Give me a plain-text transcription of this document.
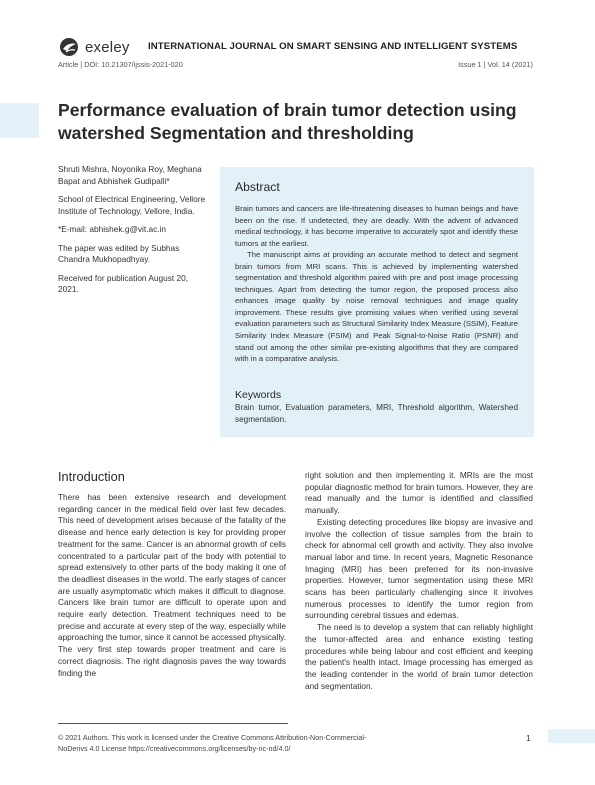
exeley INTERNATIONAL JOURNAL ON SMART SENSING AND INTELLIGENT SYSTEMS
Article | DOI: 10.21307/ijssis-2021-020	Issue 1 | Vol. 14 (2021)
Performance evaluation of brain tumor detection using watershed Segmentation and thresholding

Shruti Mishra, Noyonika Roy, Meghana Bapat and Abhishek Gudipalli*

School of Electrical Engineering, Vellore Institute of Technology, Vellore, India.

*E-mail: abhishek.g@vit.ac.in

The paper was edited by Subhas Chandra Mukhopadhyay.

Received for publication August 20, 2021.

Abstract

Brain tumors and cancers are life-threatening diseases to human beings and have been on the rise. If undetected, they are deadly. With the advent of advanced medical technology, it has become imperative to accurately spot and identify these tumors at the earliest.

The manuscript aims at providing an accurate method to detect and segment brain tumors from MRI scans. This is achieved by implementing watershed segmentation and threshold algorithm paired with pre and post image processing techniques. Apart from detecting the tumor region, the proposed process also enhances image quality by noise removal techniques and image quality improvement. These results give promising values when verified using several evaluation parameters such as Structural Similarity Index Measure (SSIM), Feature Similarity Index Measure (FSIM) and Peak Signal-to-Noise Ratio (PSNR) and stand out among the other similar pre-existing algorithms that they are compared with in a comparative analysis.

Keywords
Brain tumor, Evaluation parameters, MRI, Threshold algorithm, Watershed segmentation.
Introduction

There has been extensive research and development regarding cancer in the medical field over last few decades. This need of development arises because of the fatality of the disease and hence early detection is key for providing proper treatment for the same. Cancer is an abnormal growth of cells concentrated to a particular part of the body with potential to spread extensively to other parts of the body making it one of the deadliest diseases in the world. The early stages of cancer are usually asymptomatic which makes it difficult to diagnose. Cancers like brain tumor are difficult to operate upon and require early detection. Treatment techniques need to be precise and accurate at every step of the way, especially while approaching the tumor, since it cannot be accessed physically. The very first step towards proper treatment and care is correct diagnosis. The right diagnosis paves the way towards finding the

right solution and then implementing it. MRIs are the most popular diagnostic method for brain tumors. However, they are read manually and the tumor is identified and classified manually.

Existing detecting procedures like biopsy are invasive and involve the collection of tissue samples from the brain to check for abnormal cell growth and activity. They also involve manual labor and time. In recent years, Magnetic Resonance Imaging (MRI) has been preferred for its non-invasive properties. However, tumor segmentation using these MRI scans has been particularly challenging since it involves numerous processes to identify the tumor region from surrounding cerebral tissues and edemas.

The need is to develop a system that can reliably highlight the tumor-affected area and enhance existing testing procedures while being labour and cost efficient and keeping the patient's health intact. Image processing has emerged as the leading contender in the world of brain tumor detection and segmentation.

© 2021 Authors. This work is licensed under the Creative Commons Attribution-Non-Commercial-NoDerivs 4.0 License https://creativecommons.org/licenses/by-nc-nd/4.0/
1
